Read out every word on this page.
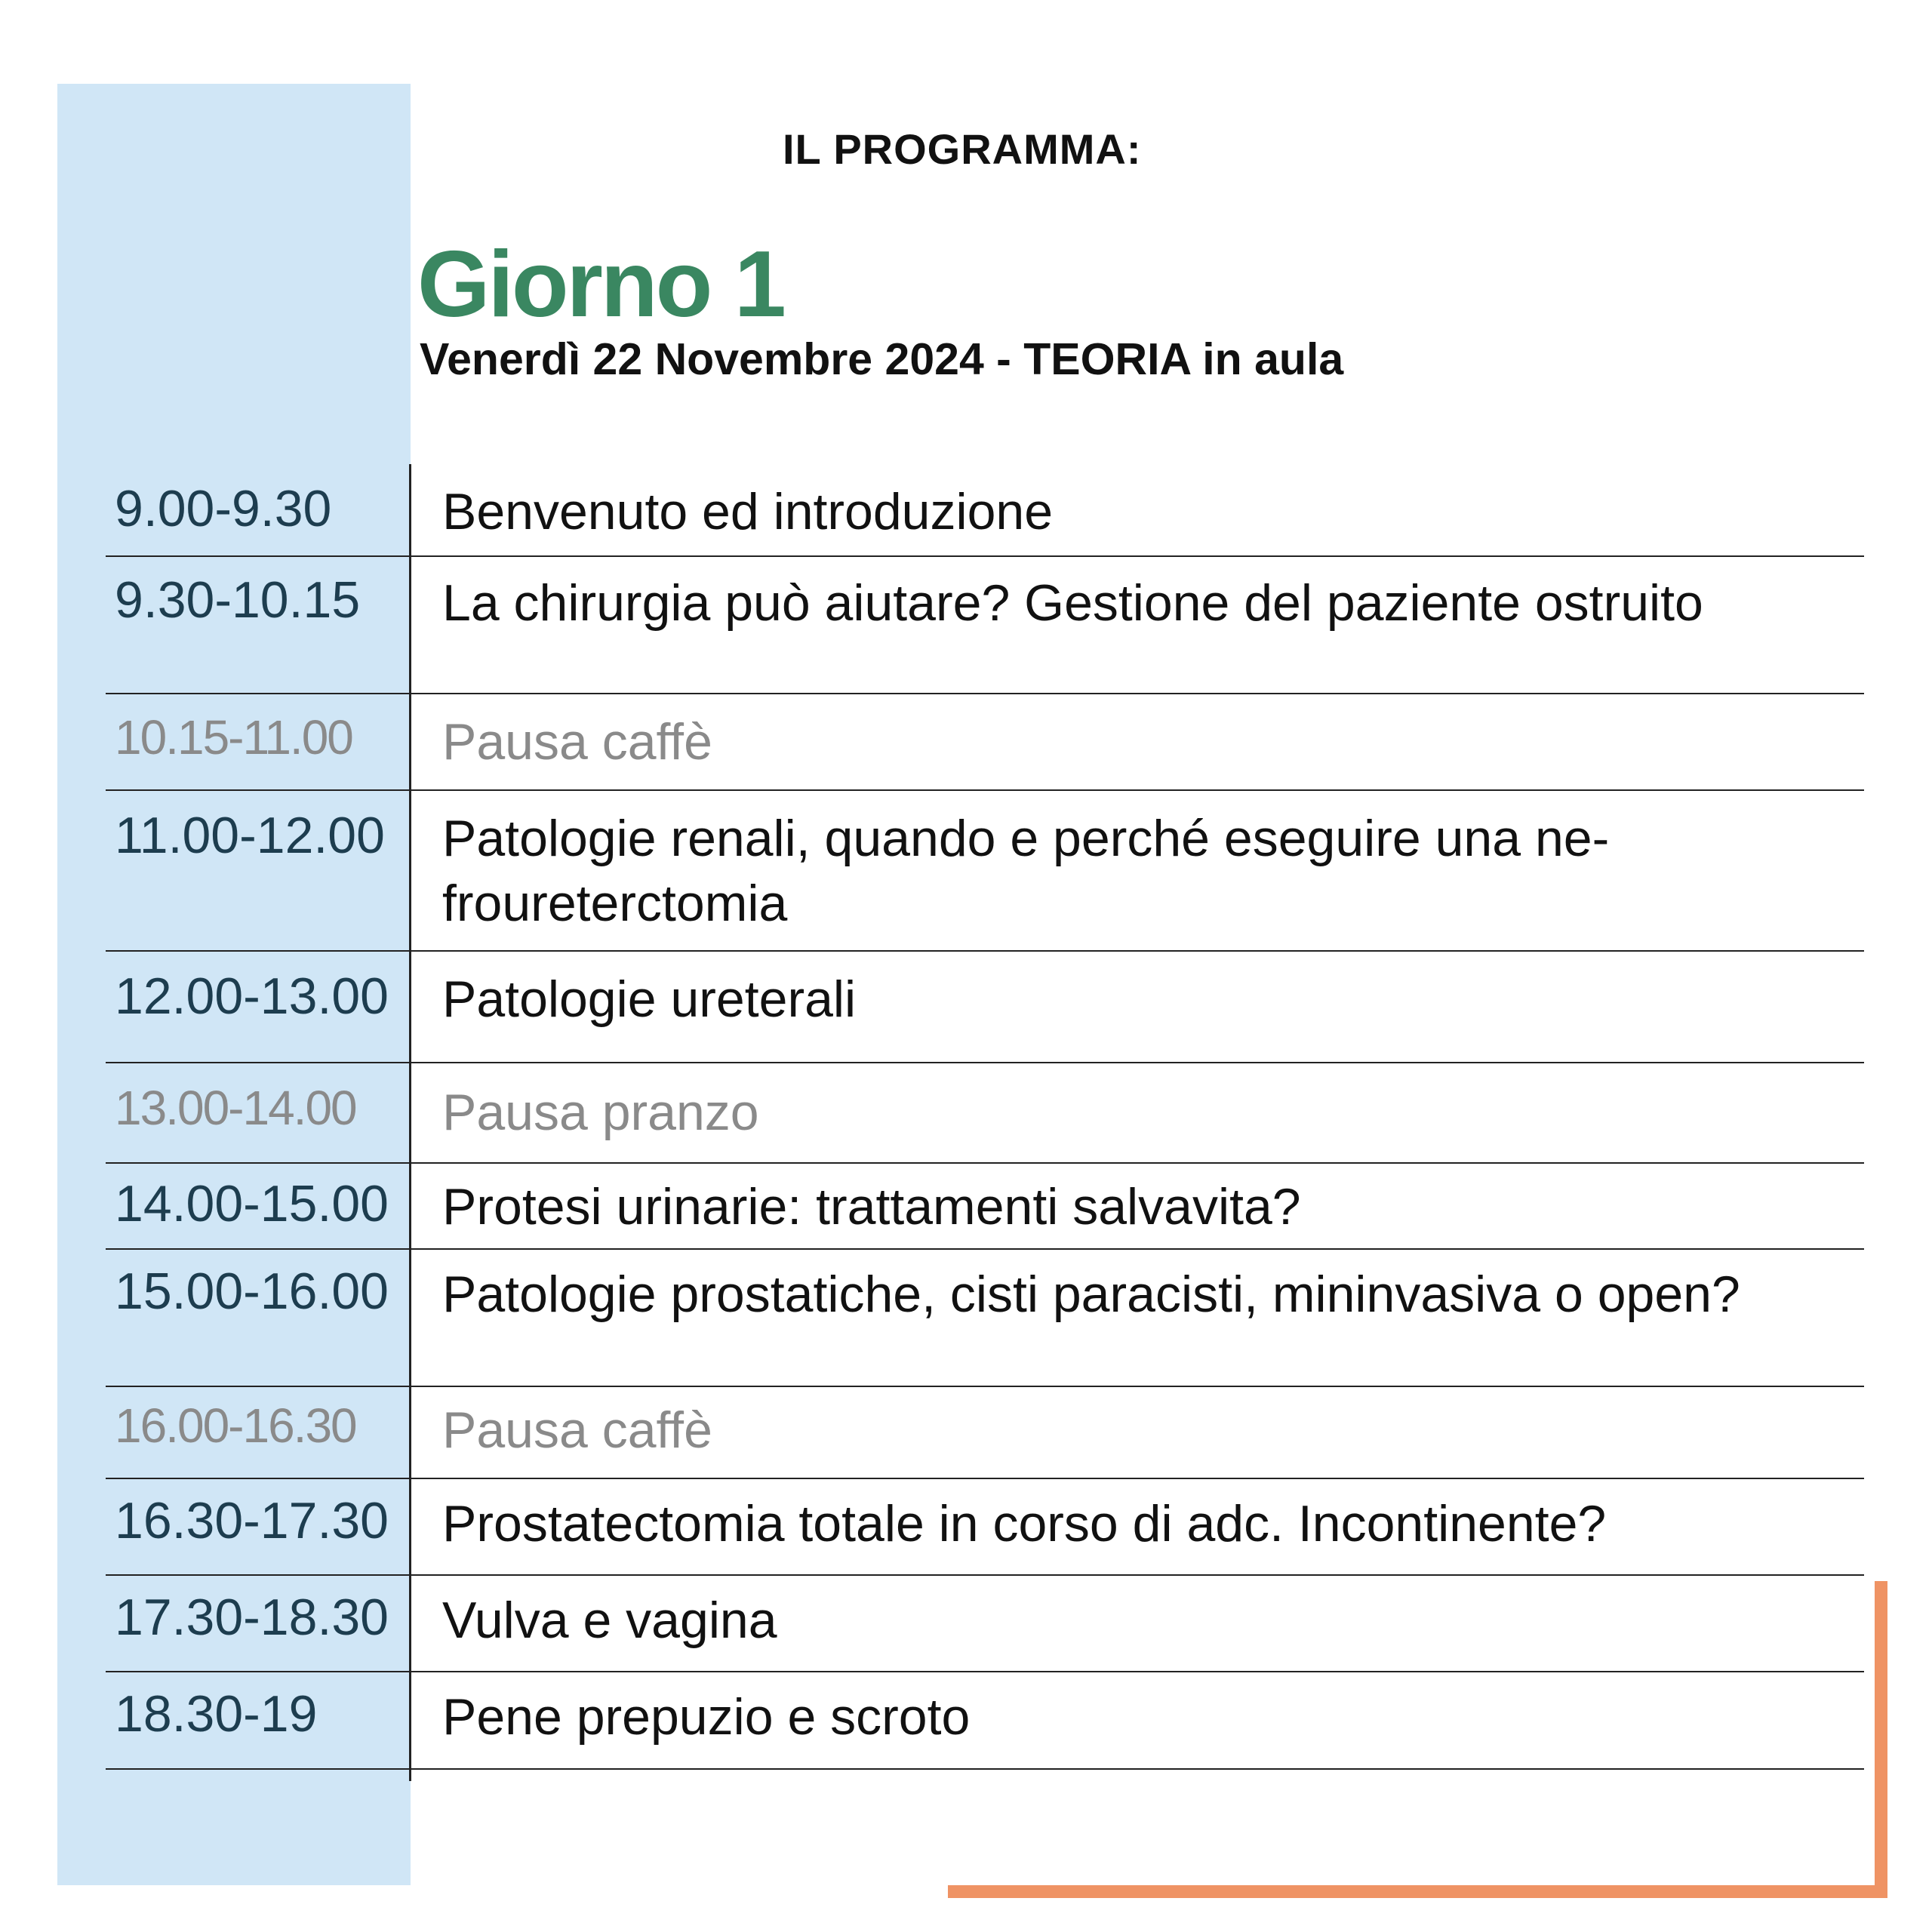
IL PROGRAMMA:
Giorno 1
Venerdì 22 Novembre 2024 - TEORIA in aula
9.00-9.30 Benvenuto ed introduzione
9.30-10.15 La chirurgia può aiutare? Gestione del paziente ostruito
10.15-11.00 Pausa caffè
11.00-12.00 Patologie renali, quando e perché eseguire una ne-froureterctomia
12.00-13.00 Patologie ureterali
13.00-14.00 Pausa pranzo
14.00-15.00 Protesi urinarie: trattamenti salvavita?
15.00-16.00 Patologie prostatiche, cisti paracisti, mininvasiva o open?
16.00-16.30 Pausa caffè
16.30-17.30 Prostatectomia totale in corso di adc. Incontinente?
17.30-18.30 Vulva e vagina
18.30-19 Pene prepuzio e scroto
